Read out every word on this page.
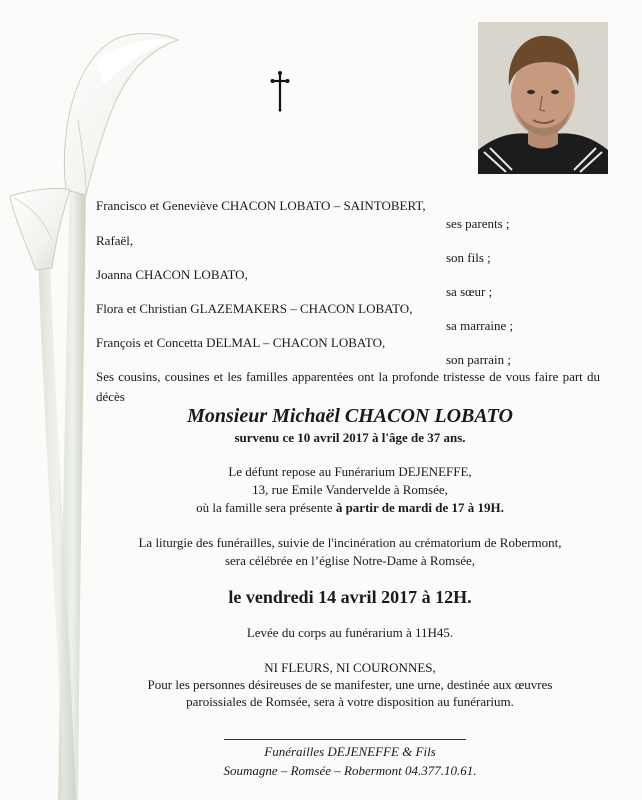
Francisco et Geneviève CHACON LOBATO – SAINTOBERT,
ses parents ;
Rafaël,
son fils ;
Joanna CHACON LOBATO,
sa sœur ;
Flora et Christian GLAZEMAKERS – CHACON LOBATO,
sa marraine ;
François et Concetta DELMAL – CHACON LOBATO,
son parrain ;
Ses cousins, cousines et les familles apparentées ont la profonde tristesse de vous faire part du décès
Monsieur Michaël CHACON LOBATO
survenu ce 10 avril 2017 à l'âge de 37 ans.
Le défunt repose au Funérarium DEJENEFFE,
13, rue Emile Vandervelde à Romsée,
où la famille sera présente à partir de mardi de 17 à 19H.
La liturgie des funérailles, suivie de l'incinération au crématorium de Robermont,
sera célébrée en l’église Notre-Dame à Romsée,
le vendredi 14 avril 2017 à 12H.
Levée du corps au funérarium à 11H45.
NI FLEURS, NI COURONNES,
Pour les personnes désireuses de se manifester, une urne, destinée aux œuvres
paroissiales de Romsée, sera à votre disposition au funérarium.
Funérailles DEJENEFFE & Fils
Soumagne – Romsée – Robermont 04.377.10.61.
